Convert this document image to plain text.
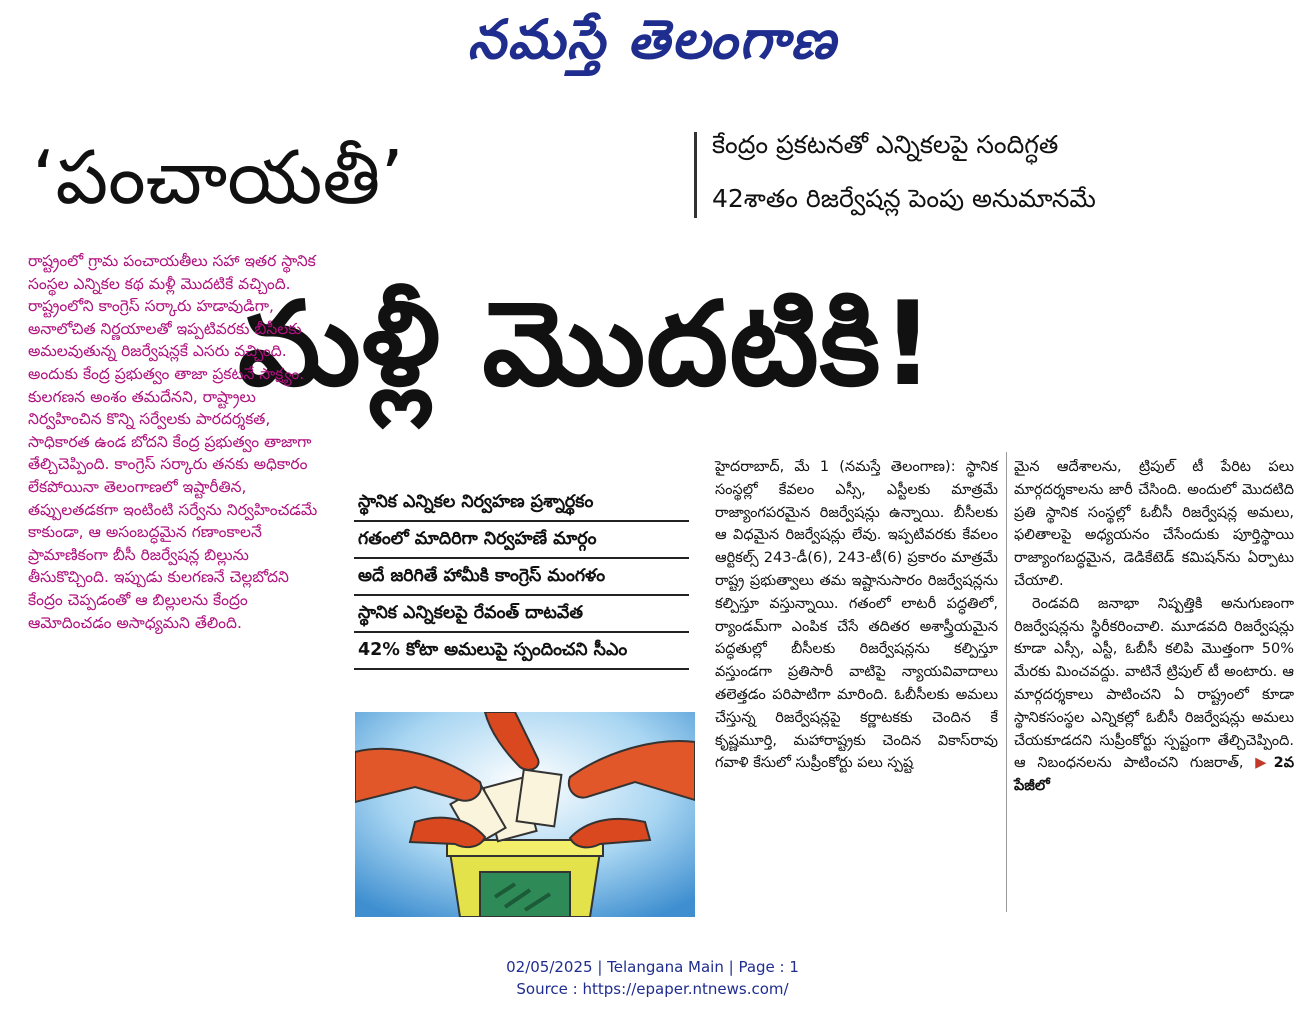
నమస్తే తెలంగాణ
‘పంచాయతీ’	కేంద్రం ప్రకటనతో ఎన్నికలపై సందిగ్ధత
42శాతం రిజర్వేషన్ల పెంపు అనుమానమే
మళ్లీ మొదటికి!

రాష్ట్రంలో గ్రామ పంచాయతీలు సహా ఇతర స్థానిక సంస్థల ఎన్నికల కథ మళ్లీ మొదటికే వచ్చింది. రాష్ట్రంలోని కాంగ్రెస్ సర్కారు హడావుడిగా, అనాలోచిత నిర్ణయాలతో ఇప్పటివరకు బీసీలకు అమలవుతున్న రిజర్వేషన్లకే ఎసరు వచ్చింది. అందుకు కేంద్ర ప్రభుత్వం తాజా ప్రకటనే సాక్ష్యం. కులగణన అంశం తమదేనని, రాష్ట్రాలు నిర్వహించిన కొన్ని సర్వేలకు పారదర్శకత, సాధికారత ఉండ బోదని కేంద్ర ప్రభుత్వం తాజాగా తేల్చిచెప్పింది. కాంగ్రెస్ సర్కారు తనకు అధికారం లేకపోయినా తెలంగాణలో ఇష్టారీతిన, తప్పులతడకగా ఇంటింటి సర్వేను నిర్వహించడమే కాకుండా, ఆ అసంబద్ధమైన గణాంకాలనే ప్రామాణికంగా బీసీ రిజర్వేషన్ల బిల్లును తీసుకొచ్చింది. ఇప్పుడు కులగణనే చెల్లబోదని కేంద్రం చెప్పడంతో ఆ బిల్లులను కేంద్రం ఆమోదించడం అసాధ్యమని తేలింది.

స్థానిక ఎన్నికల నిర్వహణ ప్రశ్నార్థకం
గతంలో మాదిరిగా నిర్వహణే మార్గం
అదే జరిగితే హామీకి కాంగ్రెస్ మంగళం
స్థానిక ఎన్నికలపై రేవంత్ దాటవేత
42% కోటా అమలుపై స్పందించని సీఎం

హైదరాబాద్, మే 1 (నమస్తే తెలంగాణ): స్థానిక సంస్థల్లో కేవలం ఎస్సీ, ఎస్టీలకు మాత్రమే రాజ్యాంగపరమైన రిజర్వేషన్లు ఉన్నాయి. బీసీలకు ఆ విధమైన రిజర్వేషన్లు లేవు. ఇప్పటివరకు కేవలం ఆర్టికల్స్ 243-డీ(6), 243-టీ(6) ప్రకారం మాత్రమే రాష్ట్ర ప్రభుత్వాలు తమ ఇష్టానుసారం రిజర్వేషన్లను కల్పిస్తూ వస్తున్నాయి. గతంలో లాటరీ పద్ధతిలో, ర్యాండమ్‌గా ఎంపిక చేసే తదితర అశాస్త్రీయమైన పద్ధతుల్లో బీసీలకు రిజర్వేషన్లను కల్పిస్తూ వస్తుండగా ప్రతిసారీ వాటిపై న్యాయవివాదాలు తలెత్తడం పరిపాటిగా మారింది. ఓబీసీలకు అమలు చేస్తున్న రిజర్వేషన్లపై కర్ణాటకకు చెందిన కే కృష్ణమూర్తి, మహారాష్ట్రకు చెందిన వికాస్‌రావు గవాళి కేసులో సుప్రీంకోర్టు పలు స్పష్ట

మైన ఆదేశాలను, ట్రిపుల్ టీ పేరిట పలు మార్గదర్శకాలను జారీ చేసింది. అందులో మొదటిది ప్రతి స్థానిక సంస్థల్లో ఓబీసీ రిజర్వేషన్ల అమలు, ఫలితాలపై అధ్యయనం చేసేందుకు పూర్తిస్థాయి రాజ్యాంగబద్ధమైన, డెడికేటెడ్ కమిషన్‌ను ఏర్పాటు చేయాలి.

రెండవది జనాభా నిష్పత్తికి అనుగుణంగా రిజర్వేషన్లను స్థిరీకరించాలి. మూడవది రిజర్వేషన్లు కూడా ఎస్సీ, ఎస్టీ, ఓబీసీ కలిపి మొత్తంగా 50% మేరకు మించవద్దు. వాటినే ట్రిపుల్ టీ అంటారు. ఆ మార్గదర్శకాలు పాటించని ఏ రాష్ట్రంలో కూడా స్థానికసంస్థల ఎన్నికల్లో ఓబీసీ రిజర్వేషన్లు అమలు చేయకూడదని సుప్రీంకోర్టు స్పష్టంగా తేల్చిచెప్పింది. ఆ నిబంధనలను పాటించని గుజరాత్, ▶2వ పేజీలో

02/05/2025 | Telangana Main | Page : 1
Source : https://epaper.ntnews.com/
